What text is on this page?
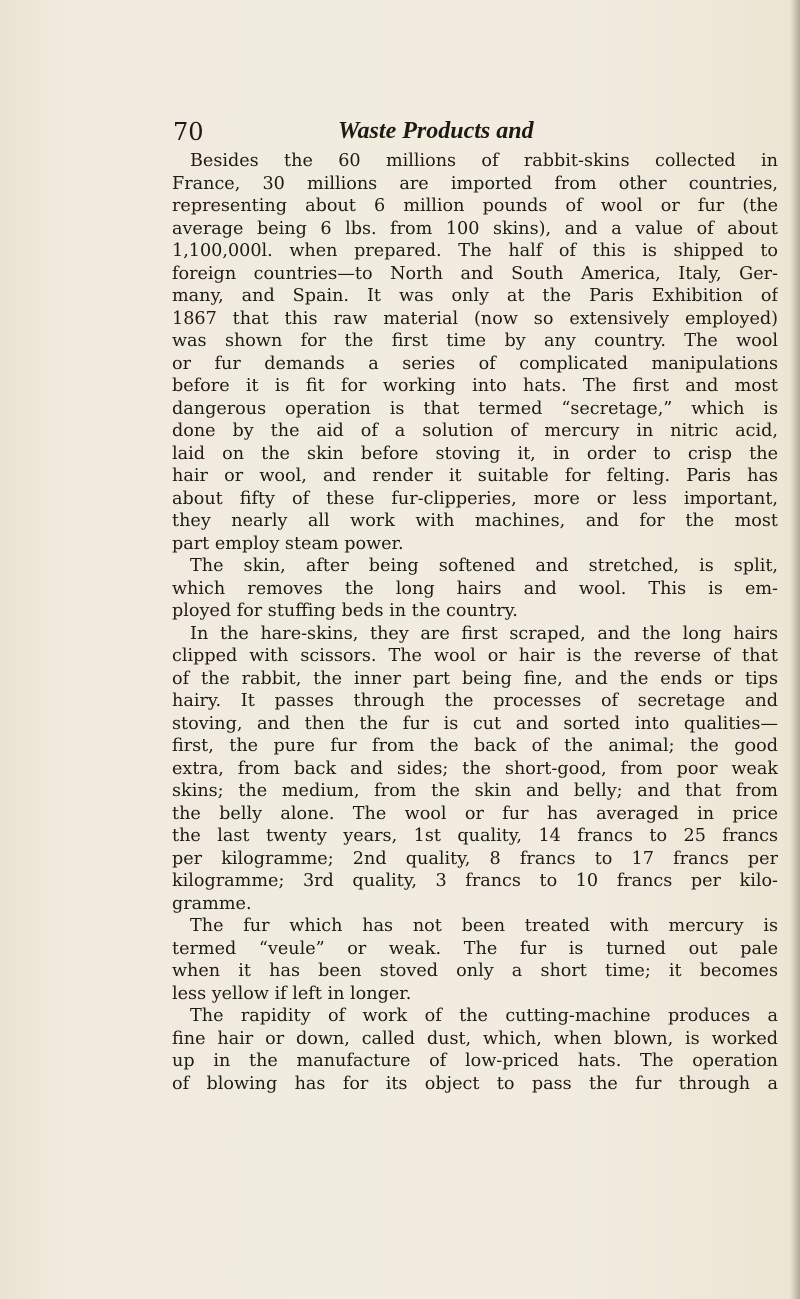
70	Waste Products and
Besides the 60 millions of rabbit-skins collected in
France, 30 millions are imported from other countries,
representing about 6 million pounds of wool or fur (the
average being 6 lbs. from 100 skins), and a value of about
1,100,000l. when prepared. The half of this is shipped to
foreign countries—to North and South America, Italy, Ger-
many, and Spain. It was only at the Paris Exhibition of
1867 that this raw material (now so extensively employed)
was shown for the first time by any country. The wool
or fur demands a series of complicated manipulations
before it is fit for working into hats. The first and most
dangerous operation is that termed “secretage,” which is
done by the aid of a solution of mercury in nitric acid,
laid on the skin before stoving it, in order to crisp the
hair or wool, and render it suitable for felting. Paris has
about fifty of these fur-clipperies, more or less important,
they nearly all work with machines, and for the most
part employ steam power.
The skin, after being softened and stretched, is split,
which removes the long hairs and wool. This is em-
ployed for stuffing beds in the country.
In the hare-skins, they are first scraped, and the long hairs
clipped with scissors. The wool or hair is the reverse of that
of the rabbit, the inner part being fine, and the ends or tips
hairy. It passes through the processes of secretage and
stoving, and then the fur is cut and sorted into qualities—
first, the pure fur from the back of the animal; the good
extra, from back and sides; the short-good, from poor weak
skins; the medium, from the skin and belly; and that from
the belly alone. The wool or fur has averaged in price
the last twenty years, 1st quality, 14 francs to 25 francs
per kilogramme; 2nd quality, 8 francs to 17 francs per
kilogramme; 3rd quality, 3 francs to 10 francs per kilo-
gramme.
The fur which has not been treated with mercury is
termed “veule” or weak. The fur is turned out pale
when it has been stoved only a short time; it becomes
less yellow if left in longer.
The rapidity of work of the cutting-machine produces a
fine hair or down, called dust, which, when blown, is worked
up in the manufacture of low-priced hats. The operation
of blowing has for its object to pass the fur through a
